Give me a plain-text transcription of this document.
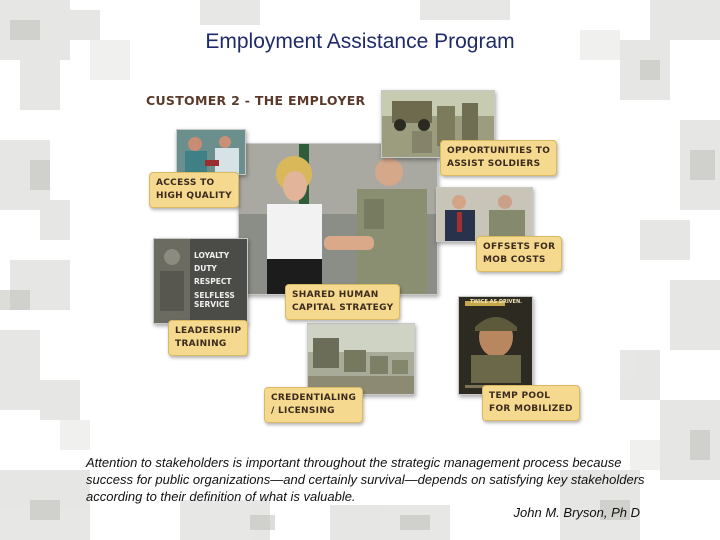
Employment Assistance Program
CUSTOMER 2 - THE EMPLOYER
LOYALTY
DUTY
RESPECT
SELFLESS
SERVICE	TWICE AS DRIVEN.
OPPORTUNITIES TO
ASSIST SOLDIERS
ACCESS TO
HIGH QUALITY
OFFSETS FOR
MOB COSTS
SHARED HUMAN
CAPITAL STRATEGY
LEADERSHIP
TRAINING
CREDENTIALING
/ LICENSING
TEMP POOL
FOR MOBILIZED
Attention to stakeholders is important throughout the strategic management process because success for public organizations—and certainly survival—depends on satisfying key stakeholders according to their definition of what is valuable.
John M. Bryson, Ph D
